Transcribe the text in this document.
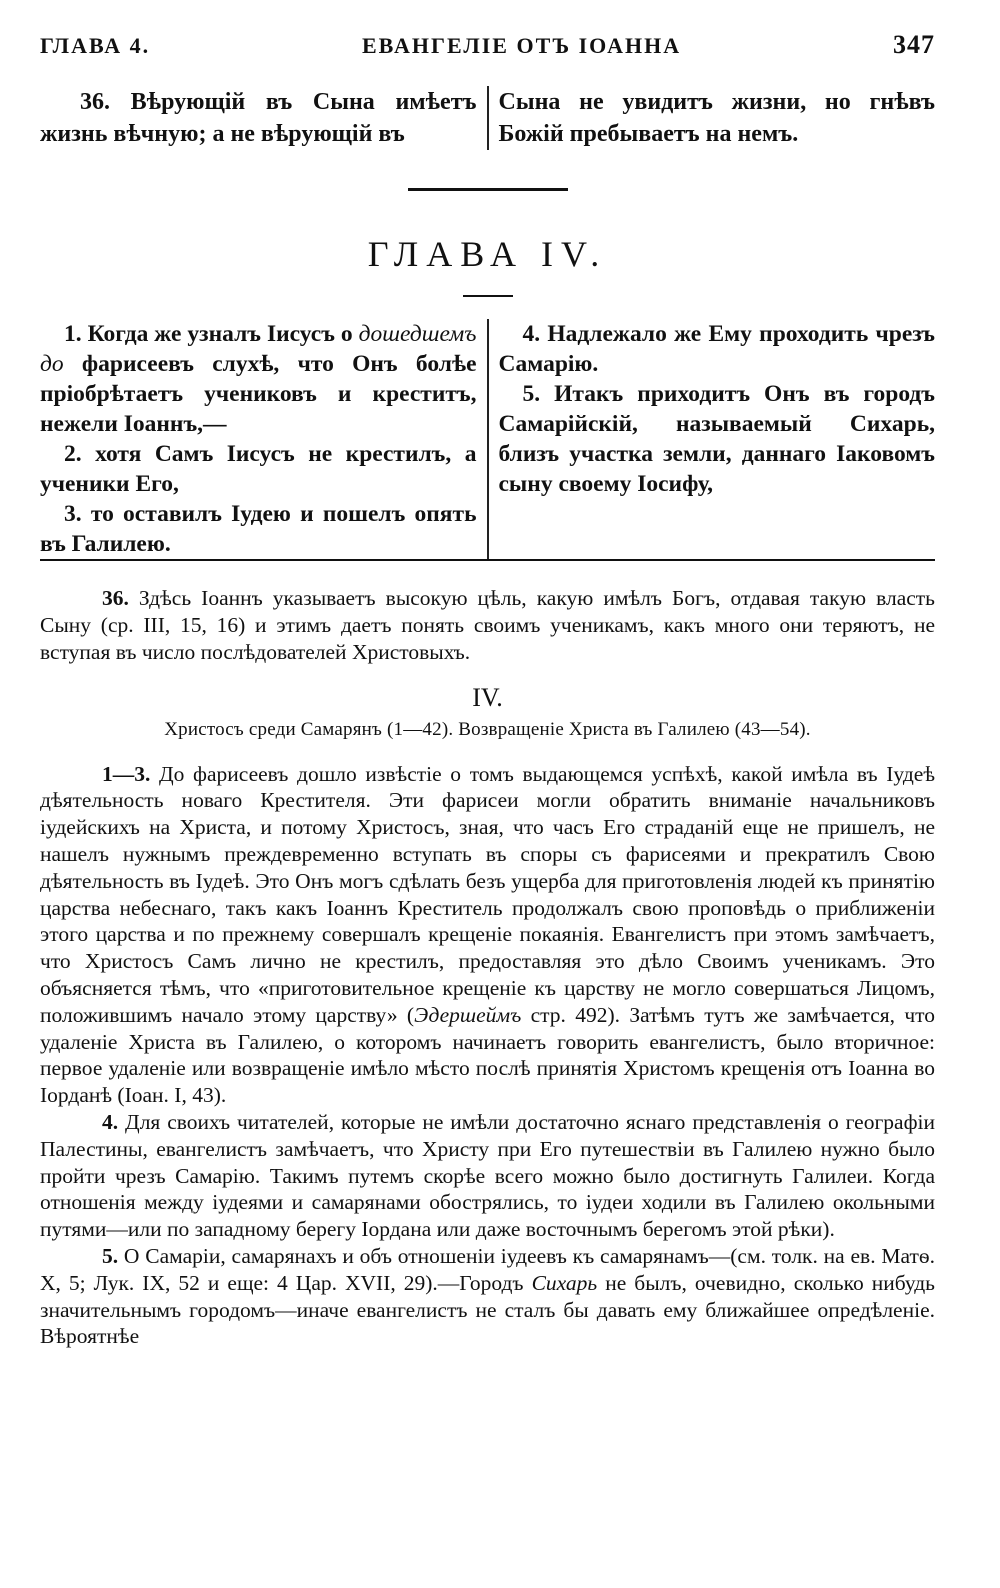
ГЛАВА 4.	ЕВАНГЕЛІЕ ОТЪ ІОАННА	347
36. Вѣрующій въ Сына имѣетъ жизнь вѣчную; а не вѣрующій въ
Сына не увидитъ жизни, но гнѣвъ Божій пребываетъ на немъ.
ГЛАВА IV.

1. Когда же узналъ Іисусъ о дошедшемъ до фарисеевъ слухѣ, что Онъ болѣе пріобрѣтаетъ учениковъ и креститъ, нежели Іоаннъ,—

2. хотя Самъ Іисусъ не крестилъ, а ученики Его,

3. то оставилъ Іудею и пошелъ опять въ Галилею.

4. Надлежало же Ему проходить чрезъ Самарію.

5. Итакъ приходитъ Онъ въ городъ Самарійскій, называемый Сихарь, близъ участка земли, даннаго Іаковомъ сыну своему Іосифу,

36. Здѣсь Іоаннъ указываетъ высокую цѣль, какую имѣлъ Богъ, отдавая такую власть Сыну (ср. III, 15, 16) и этимъ даетъ понять своимъ ученикамъ, какъ много они теряютъ, не вступая въ число послѣдователей Христовыхъ.

IV.
Христосъ среди Самарянъ (1—42). Возвращеніе Христа въ Галилею (43—54).

1—3. До фарисеевъ дошло извѣстіе о томъ выдающемся успѣхѣ, какой имѣла въ Іудеѣ дѣятельность новаго Крестителя. Эти фарисеи могли обратить вниманіе начальниковъ іудейскихъ на Христа, и потому Христосъ, зная, что часъ Его страданій еще не пришелъ, не нашелъ нужнымъ преждевременно вступать въ споры съ фарисеями и прекратилъ Свою дѣятельность въ Іудеѣ. Это Онъ могъ сдѣлать безъ ущерба для приготовленія людей къ принятію царства небеснаго, такъ какъ Іоаннъ Креститель продолжалъ свою проповѣдь о приближеніи этого царства и по прежнему совершалъ крещеніе покаянія. Евангелистъ при этомъ замѣчаетъ, что Христосъ Самъ лично не крестилъ, предоставляя это дѣло Своимъ ученикамъ. Это объясняется тѣмъ, что «приготовительное крещеніе къ царству не могло совершаться Лицомъ, положившимъ начало этому царству» (Эдершеймъ стр. 492). Затѣмъ тутъ же замѣчается, что удаленіе Христа въ Галилею, о которомъ начинаетъ говорить евангелистъ, было вторичное: первое удаленіе или возвращеніе имѣло мѣсто послѣ принятія Христомъ крещенія отъ Іоанна во Іорданѣ (Іоан. I, 43).

4. Для своихъ читателей, которые не имѣли достаточно яснаго представленія о географіи Палестины, евангелистъ замѣчаетъ, что Христу при Его путешествіи въ Галилею нужно было пройти чрезъ Самарію. Такимъ путемъ скорѣе всего можно было достигнуть Галилеи. Когда отношенія между іудеями и самарянами обострялись, то іудеи ходили въ Галилею окольными путями—или по западному берегу Іордана или даже восточнымъ берегомъ этой рѣки).

5. О Самаріи, самарянахъ и объ отношеніи іудеевъ къ самарянамъ—(см. толк. на ев. Матѳ. X, 5; Лук. IX, 52 и еще: 4 Цар. XVII, 29).—Городъ Сихарь не былъ, очевидно, сколько нибудь значительнымъ городомъ—иначе евангелистъ не сталъ бы давать ему ближайшее опредѣленіе. Вѣроятнѣе
